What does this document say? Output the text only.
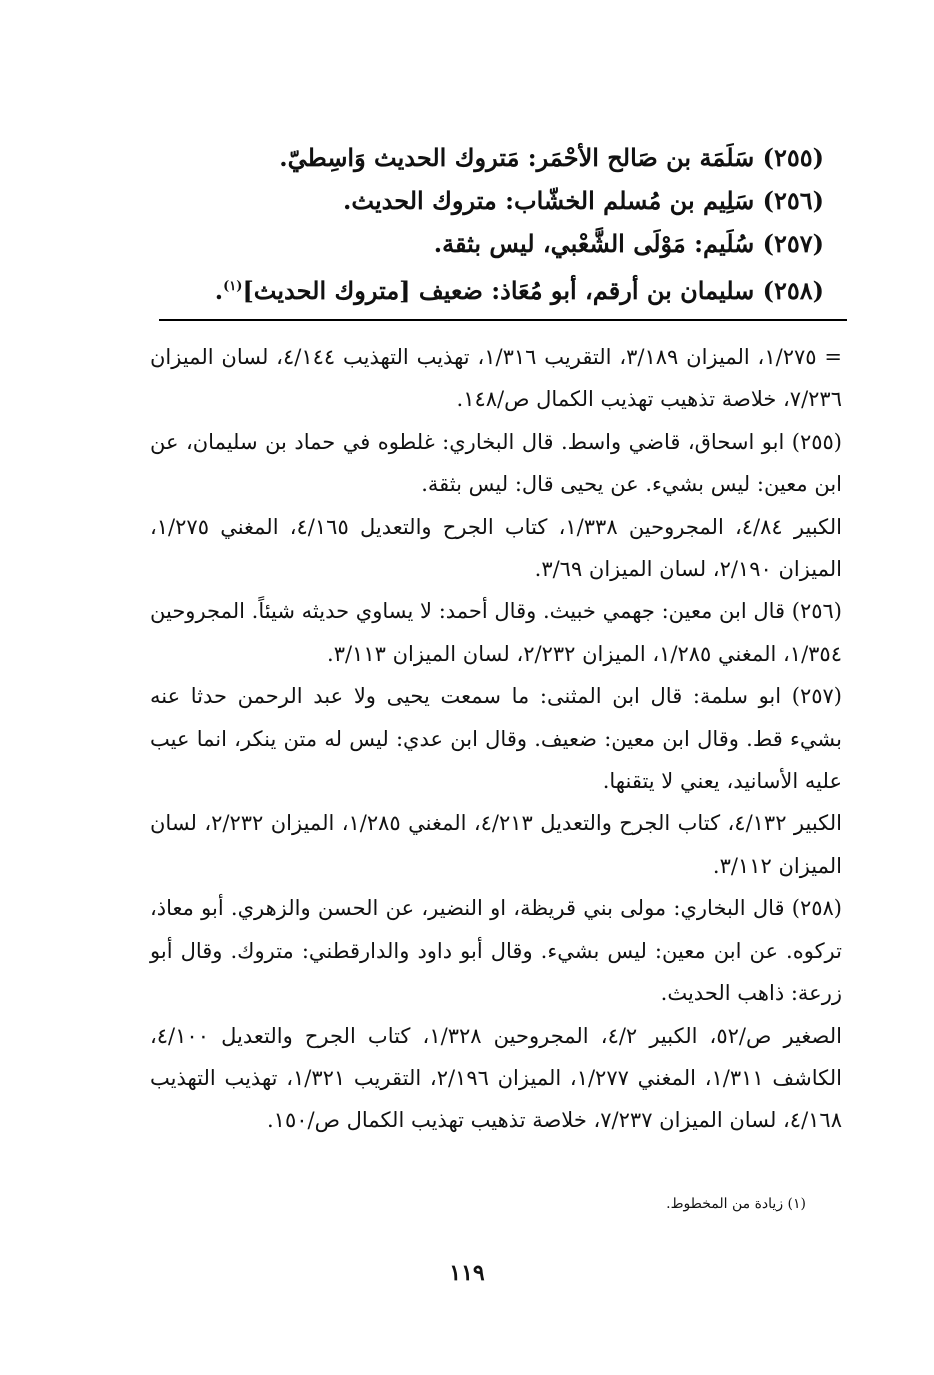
(٢٥٥) سَلَمَة بن صَالح الأحْمَر: مَتروك الحديث وَاسِطيّ.
(٢٥٦) سَلِيم بن مُسلم الخشّاب: متروك الحديث.
(٢٥٧) سُلَيم: مَوْلَى الشَّعْبي، ليس بثقة.
(٢٥٨) سليمان بن أرقم، أبو مُعَاذ: ضعيف [متروك الحديث]$^{(١)}$.

= ١/٢٧٥، الميزان ٣/١٨٩، التقريب ١/٣١٦، تهذيب التهذيب ٤/١٤٤، لسان الميزان ٧/٢٣٦، خلاصة تذهيب تهذيب الكمال ص/١٤٨.

(٢٥٥) ابو اسحاق، قاضي واسط. قال البخاري: غلطوه في حماد بن سليمان، عن ابن معين: ليس بشيء. عن يحيى قال: ليس بثقة.

الكبير ٤/٨٤، المجروحين ١/٣٣٨، كتاب الجرح والتعديل ٤/١٦٥، المغني ١/٢٧٥، الميزان ٢/١٩٠، لسان الميزان ٣/٦٩.

(٢٥٦) قال ابن معين: جهمي خبيث. وقال أحمد: لا يساوي حديثه شيئاً. المجروحين ١/٣٥٤، المغني ١/٢٨٥، الميزان ٢/٢٣٢، لسان الميزان ٣/١١٣.

(٢٥٧) ابو سلمة: قال ابن المثنى: ما سمعت يحيى ولا عبد الرحمن حدثا عنه بشيء قط. وقال ابن معين: ضعيف. وقال ابن عدي: ليس له متن ينكر، انما عيب عليه الأسانيد، يعني لا يتقنها.

الكبير ٤/١٣٢، كتاب الجرح والتعديل ٤/٢١٣، المغني ١/٢٨٥، الميزان ٢/٢٣٢، لسان الميزان ٣/١١٢.

(٢٥٨) قال البخاري: مولى بني قريظة، او النضير، عن الحسن والزهري. أبو معاذ، تركوه. عن ابن معين: ليس بشيء. وقال أبو داود والدارقطني: متروك. وقال أبو زرعة: ذاهب الحديث.

الصغير ص/٥٢، الكبير ٤/٢، المجروحين ١/٣٢٨، كتاب الجرح والتعديل ٤/١٠٠، الكاشف ١/٣١١، المغني ١/٢٧٧، الميزان ٢/١٩٦، التقريب ١/٣٢١، تهذيب التهذيب ٤/١٦٨، لسان الميزان ٧/٢٣٧، خلاصة تذهيب تهذيب الكمال ص/١٥٠.

(١) زيادة من المخطوط.
١١٩
